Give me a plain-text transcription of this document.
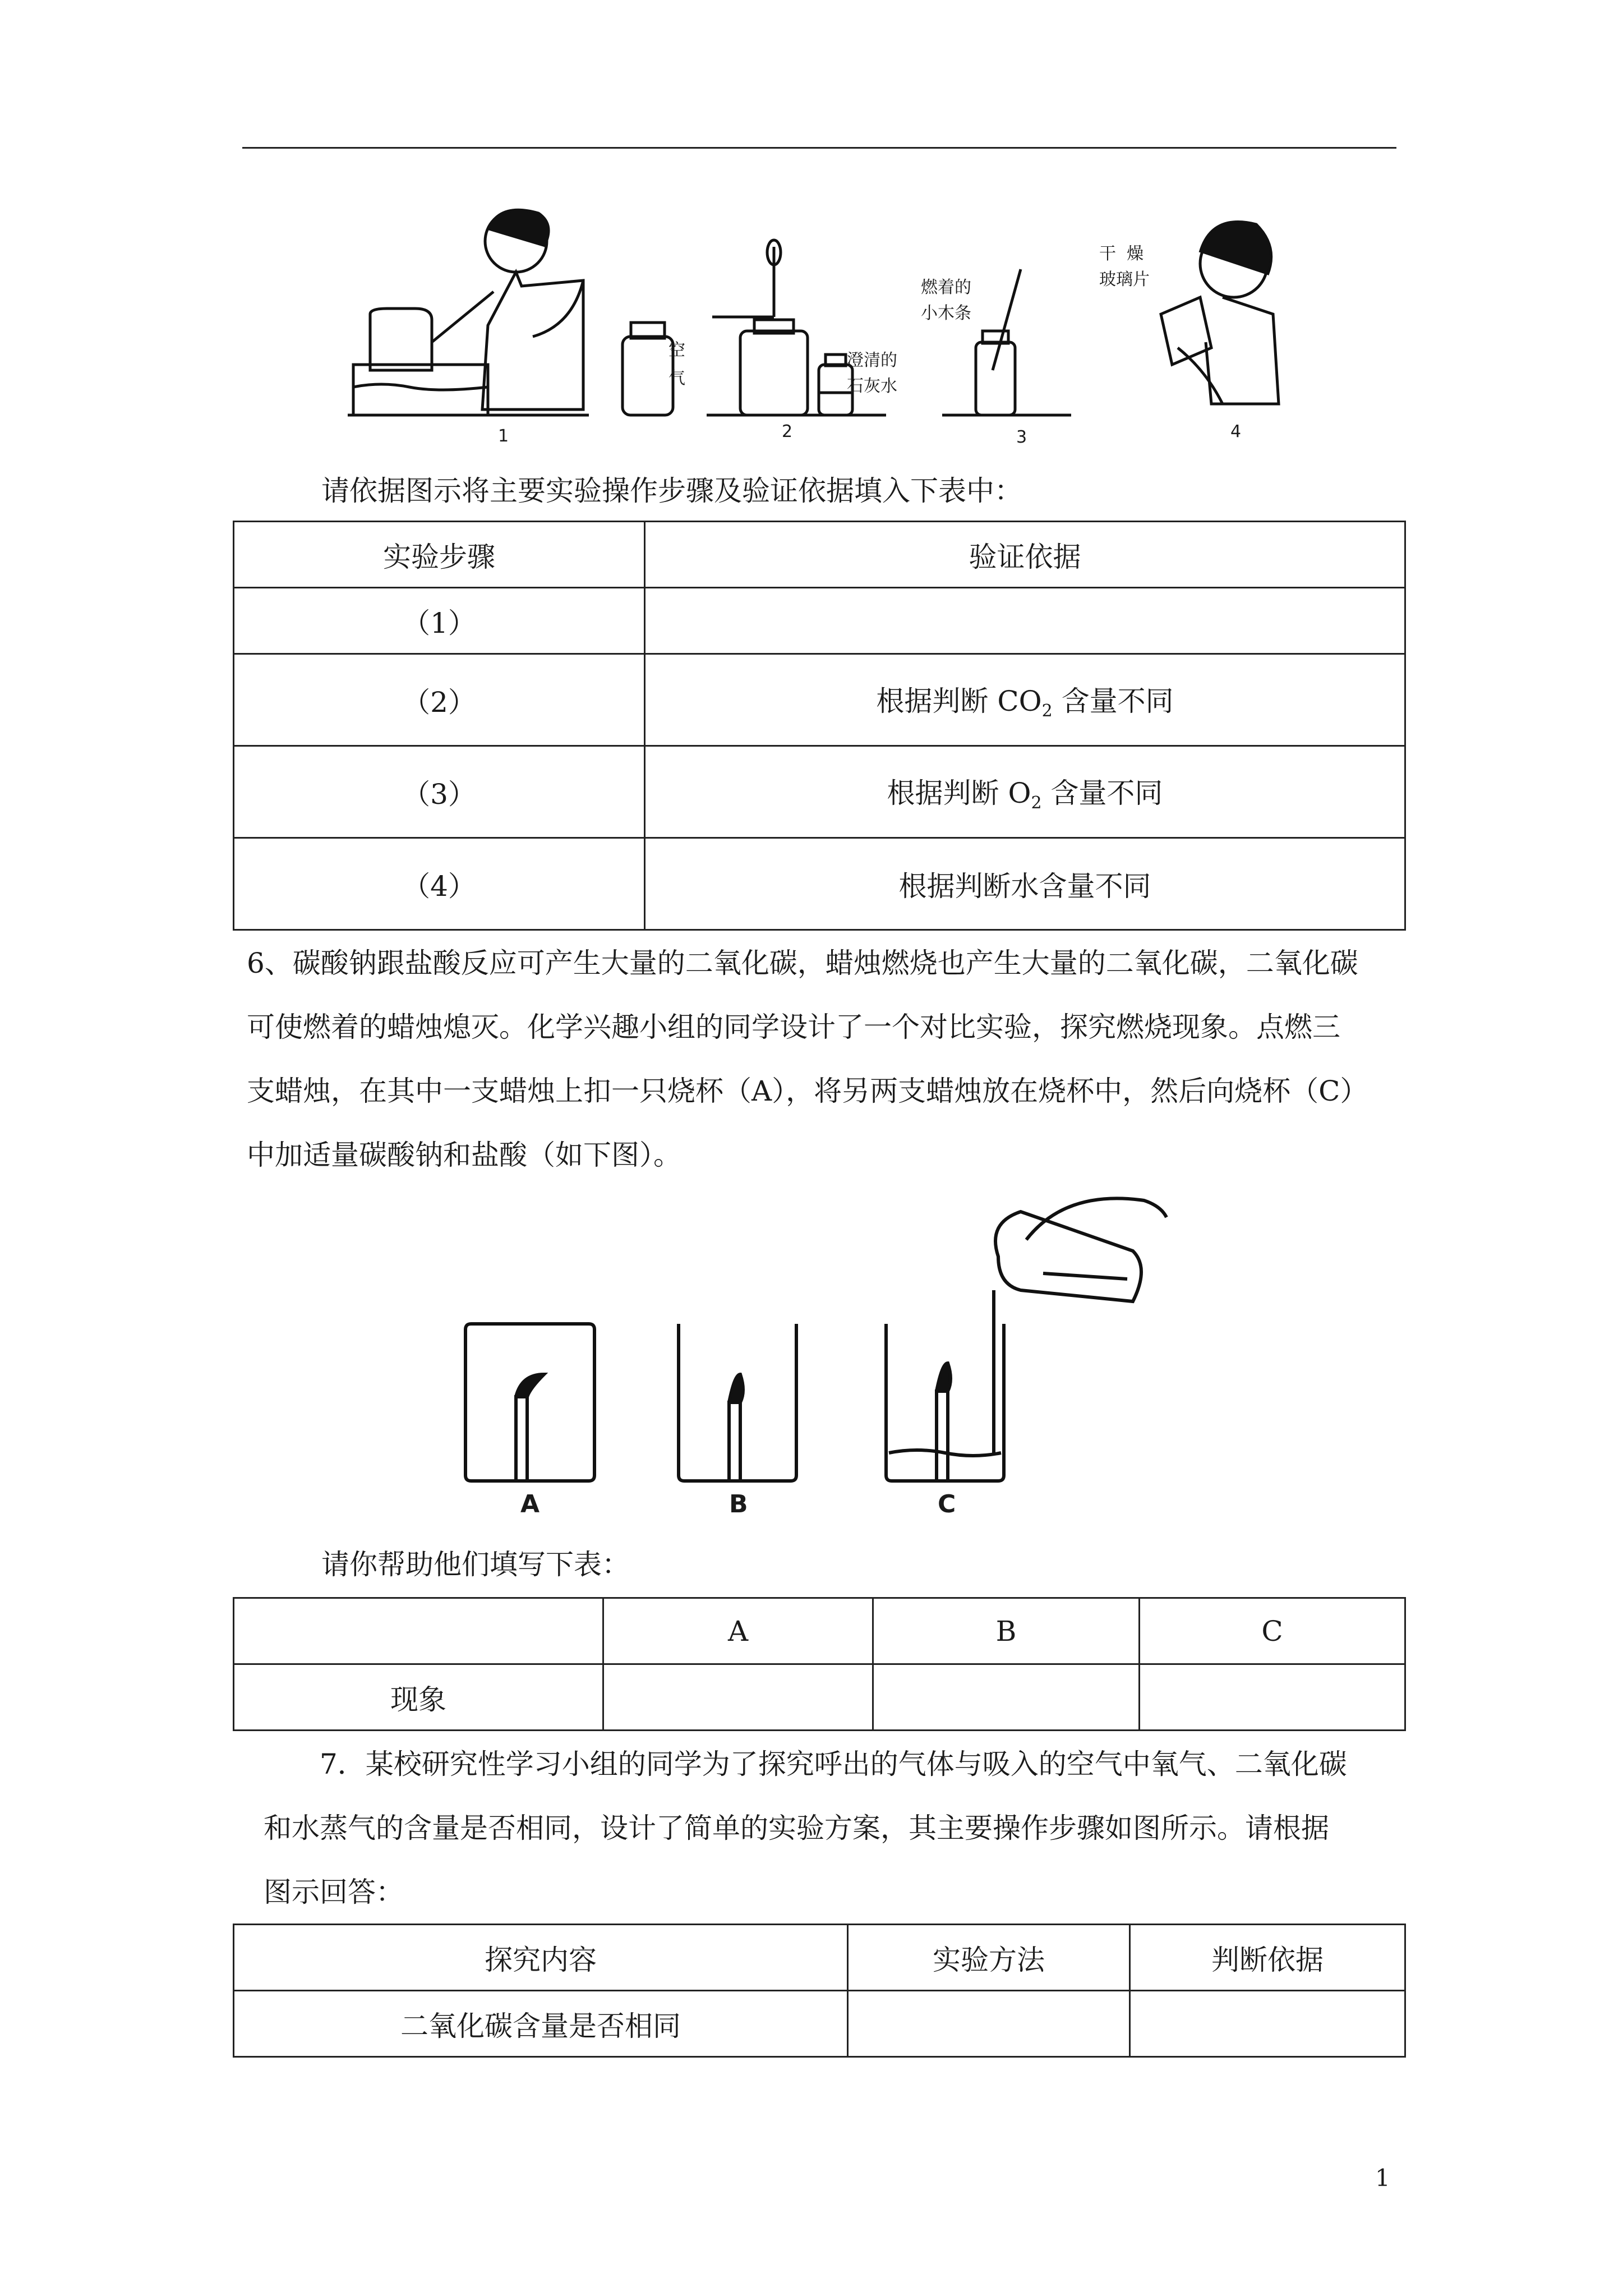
空
气
澄清的
石灰水
燃着的
小木条
干  燥
玻璃片
1	2	3	4
请依据图示将主要实验操作步骤及验证依据填入下表中：
实验步骤	验证依据
（1）	
（2）	根据判断 $CO_2$ 含量不同
（3）	根据判断 $O_2$ 含量不同
（4）	根据判断水含量不同

6、碳酸钠跟盐酸反应可产生大量的二氧化碳，蜡烛燃烧也产生大量的二氧化碳，二氧化碳

可使燃着的蜡烛熄灭。化学兴趣小组的同学设计了一个对比实验，探究燃烧现象。点燃三

支蜡烛，在其中一支蜡烛上扣一只烧杯（A），将另两支蜡烛放在烧杯中，然后向烧杯（C）

中加适量碳酸钠和盐酸（如下图）。

A	B	C
请你帮助他们填写下表：
	A	B	C
现象			

7．某校研究性学习小组的同学为了探究呼出的气体与吸入的空气中氧气、二氧化碳

和水蒸气的含量是否相同，设计了简单的实验方案，其主要操作步骤如图所示。请根据

图示回答：

探究内容	实验方法	判断依据
二氧化碳含量是否相同		
1
